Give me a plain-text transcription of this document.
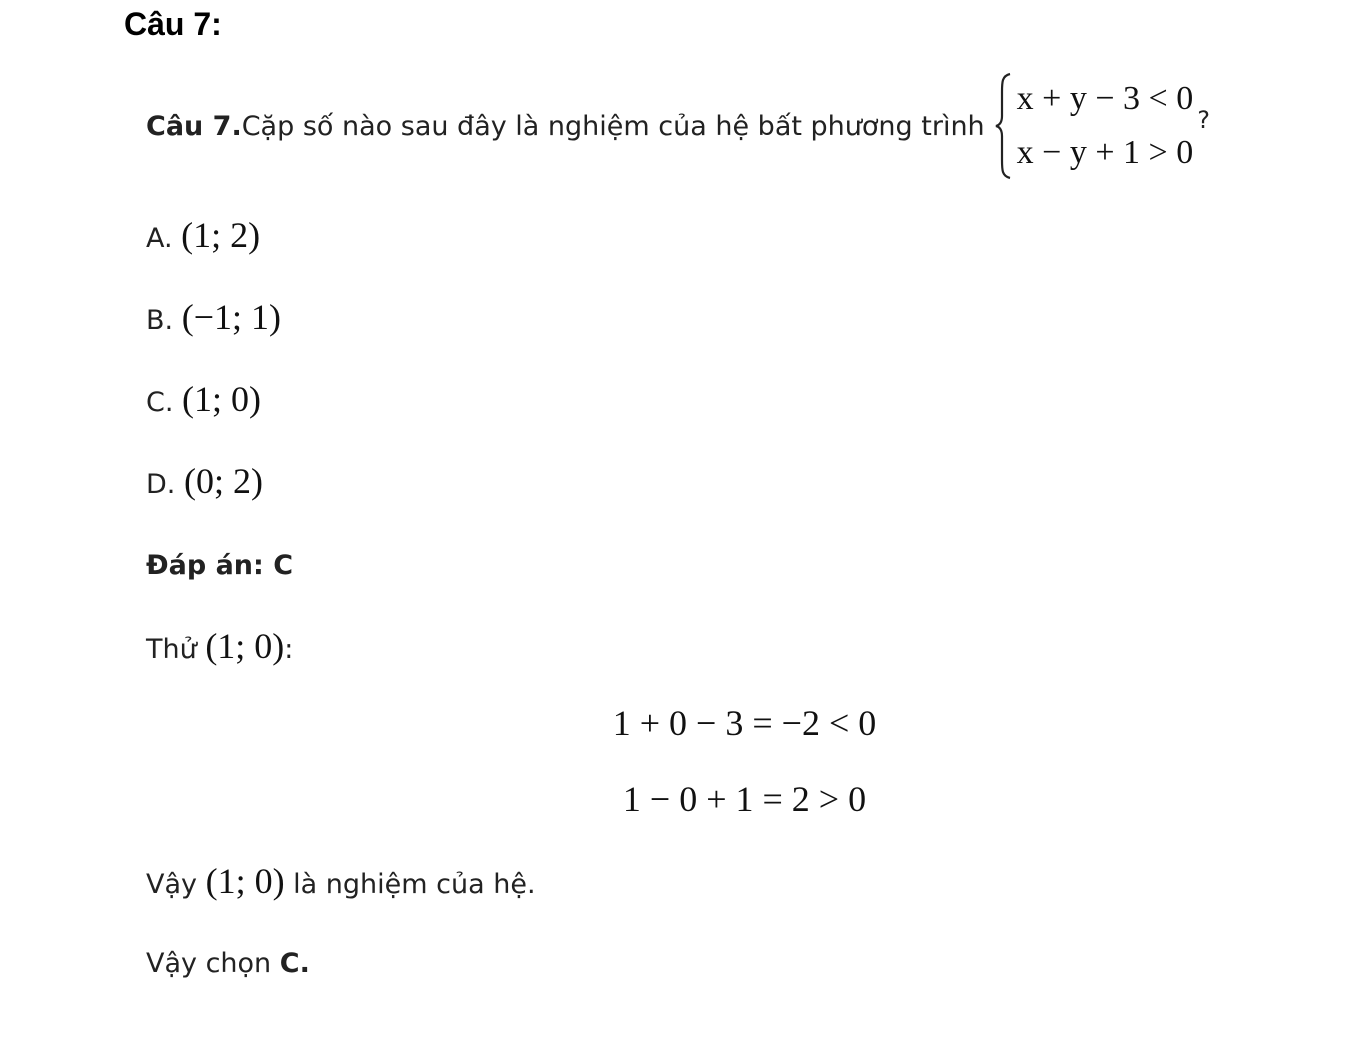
Câu 7:
Câu 7. Cặp số nào sau đây là nghiệm của hệ bất phương trình
x + y − 3 < 0
x − y + 1 > 0
?
A. (1; 2)
B. (−1; 1)
C. (1; 0)
D. (0; 2)
Đáp án: C
Thử (1; 0):
1 + 0 − 3 = −2 < 0
1 − 0 + 1 = 2 > 0
Vậy (1; 0) là nghiệm của hệ.
Vậy chọn C.
